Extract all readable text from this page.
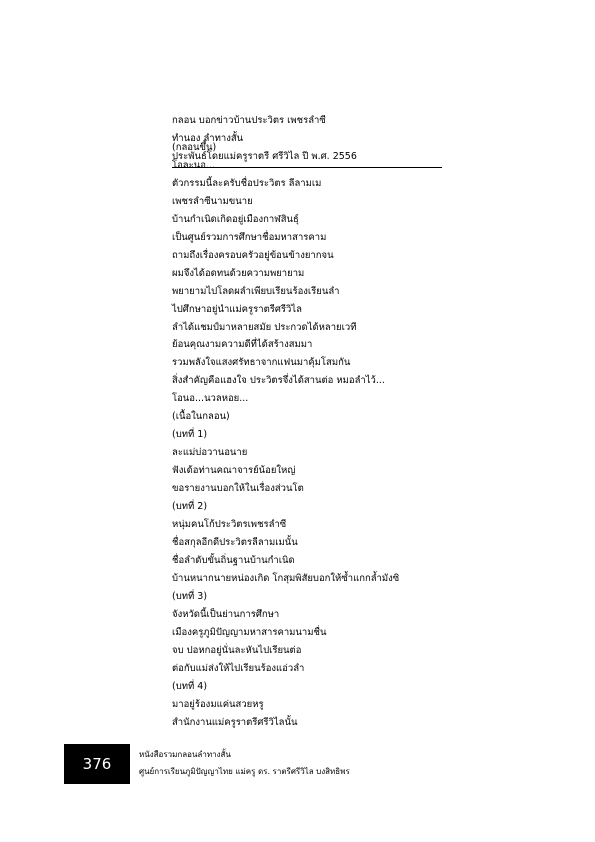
กลอน บอกข่าวบ้านประวิตร เพชรลำซี
ทำนอง ลำทางสั้น
ประพันธ์โดยแม่ครูราตรี ศรีวิไล ปี พ.ศ. 2556
(กลอนขึ้น)
โอละนอ...
ตัวกรรมนี้ละครับชื่อประวิตร ลีลามเม
เพชรลำซีนามขนาย
บ้านกำเนิดเกิดอยู่เมืองกาฬสินธุ์
เป็นศูนย์รวมการศึกษาชื่อมหาสารคาม
ถามถึงเรื่องครอบครัวอยู่ข้อนข้างยากจน
ผมจึงได้อดทนด้วยความพยายาม
พยายามไปโลดผลำเพียบเรียนร้องเรียนลำ
ไปศึกษาอยู่นำแม่ครูราตรีศรีวิไล
ลำได้แชมป์มาหลายสมัย ประกวดได้หลายเวที
ย้อนคุณงามความดีที่ได้สร้างสมมา
รวมพลังใจแสงศรัทธาจากแฟนมาคุ้มโสมกัน
สิ่งสำคัญคือแฮงใจ ประวิตรจึ่งได้สานต่อ หมอลำไว้...
โอนอ...นวลหอย...
(เนื้อในกลอน)
(บทที่ 1)
ละแม่บ่อวานอนาย
ฟังเด้อท่านคณาจารย์น้อยใหญ่
ขอรายงานบอกให้ในเรื่องส่วนโต
(บทที่ 2)
หนุ่มคนโก้ประวิตรเพชรลำซี
ชื่อสกุลอีกดีประวิตรลีลามเมนั้น
ชื่อลำดับขั้นถิ่นฐานบ้านกำเนิด
บ้านหนากนายหน่องเกิด โกสุมพิสัยบอกให้ซ้ำแกกล้ำมังซิ
(บทที่ 3)
จังหวัดนี้เป็นย่านการศึกษา
เมืองครูภูมิปัญญามหาสารคามนามชื่น
จบ ปอหกอยู่นั่นละหันไปเรียนต่อ
ต่อกับแม่ส่งให้ไปเรียนร้องแอ่วลำ
(บทที่ 4)
มาอยู่ร้องมแค่นสวยหรู
สำนักงานแม่ครูราตรีศรีวิไลนั้น
376
หนังสือรวมกลอนลำทางสั้น
ศูนย์การเรียนภูมิปัญญาไทย แม่ครู ดร. ราตรีศรีวิไล บงสิทธิพร
